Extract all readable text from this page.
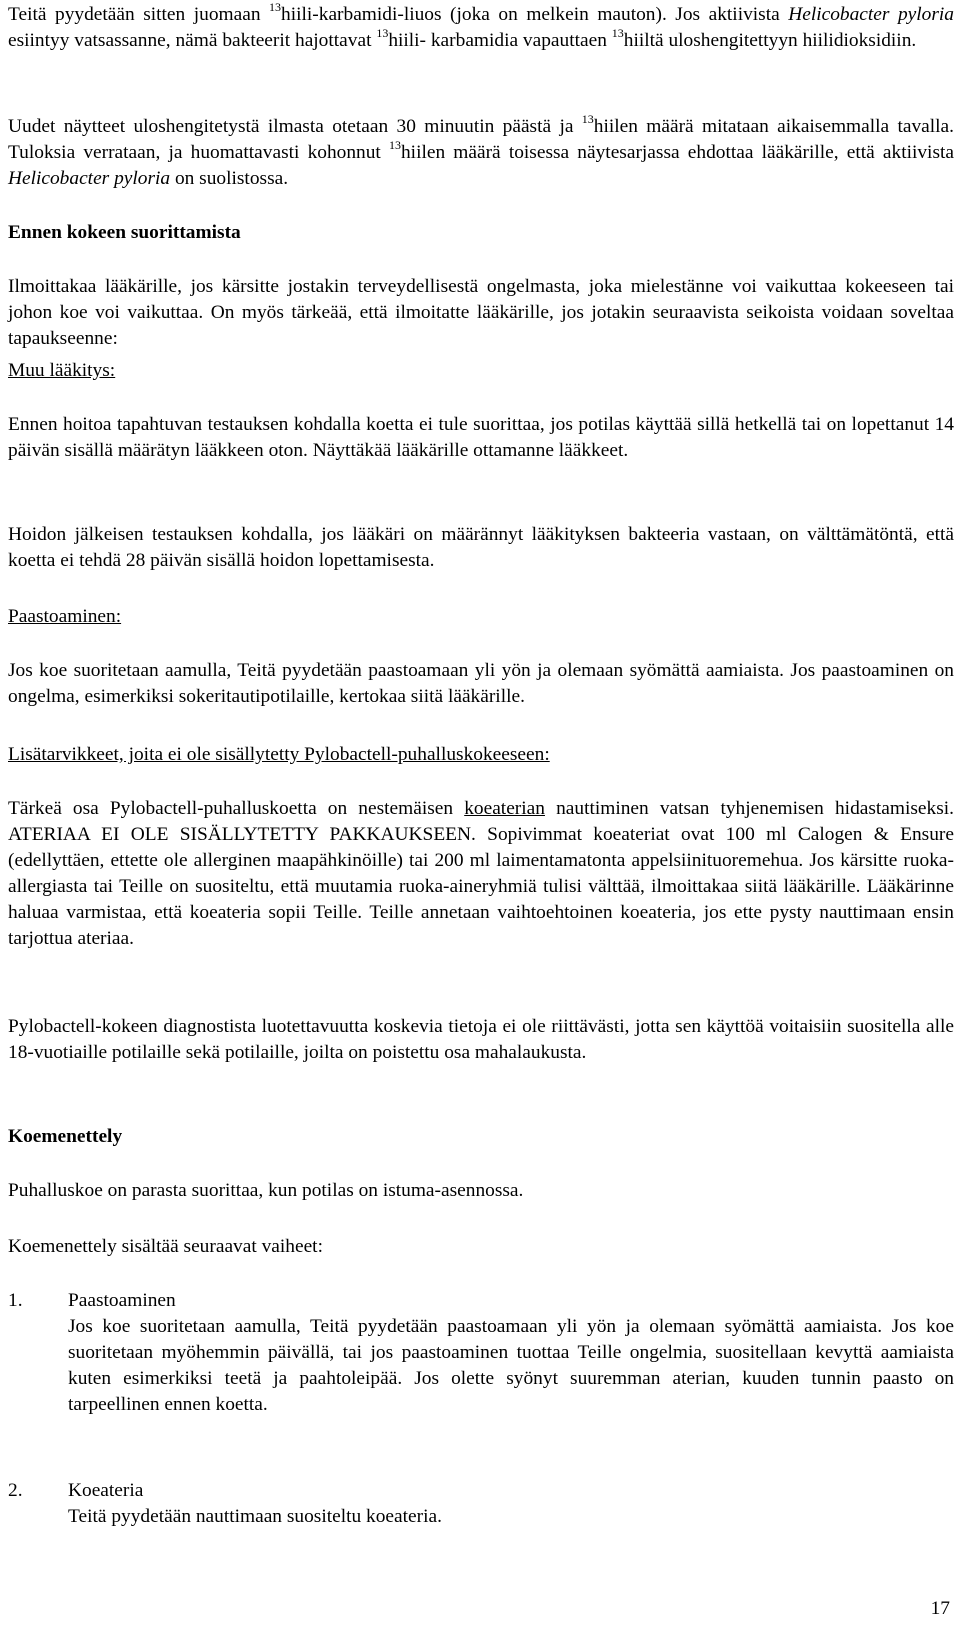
Teitä pyydetään sitten juomaan $^{13}$hiili-karbamidi-liuos (joka on melkein mauton). Jos aktiivista Helicobacter pyloria esiintyy vatsassanne, nämä bakteerit hajottavat $^{13}$hiili- karbamidia vapauttaen $^{13}$hiiltä uloshengitettyyn hiilidioksidiin.

Uudet näytteet uloshengitetystä ilmasta otetaan 30 minuutin päästä ja $^{13}$hiilen määrä mitataan aikaisemmalla tavalla. Tuloksia verrataan, ja huomattavasti kohonnut $^{13}$hiilen määrä toisessa näytesarjassa ehdottaa lääkärille, että aktiivista Helicobacter pyloria on suolistossa.

Ennen kokeen suorittamista

Ilmoittakaa lääkärille, jos kärsitte jostakin terveydellisestä ongelmasta, joka mielestänne voi vaikuttaa kokeeseen tai johon koe voi vaikuttaa. On myös tärkeää, että ilmoitatte lääkärille, jos jotakin seuraavista seikoista voidaan soveltaa tapaukseenne:

Muu lääkitys:

Ennen hoitoa tapahtuvan testauksen kohdalla koetta ei tule suorittaa, jos potilas käyttää sillä hetkellä tai on lopettanut 14 päivän sisällä määrätyn lääkkeen oton. Näyttäkää lääkärille ottamanne lääkkeet.

Hoidon jälkeisen testauksen kohdalla, jos lääkäri on määrännyt lääkityksen bakteeria vastaan, on välttämätöntä, että koetta ei tehdä 28 päivän sisällä hoidon lopettamisesta.

Paastoaminen:

Jos koe suoritetaan aamulla, Teitä pyydetään paastoamaan yli yön ja olemaan syömättä aamiaista. Jos paastoaminen on ongelma, esimerkiksi sokeritautipotilaille, kertokaa siitä lääkärille.

Lisätarvikkeet, joita ei ole sisällytetty Pylobactell-puhalluskokeeseen:

Tärkeä osa Pylobactell-puhalluskoetta on nestemäisen koeaterian nauttiminen vatsan tyhjenemisen hidastamiseksi. ATERIAA EI OLE SISÄLLYTETTY PAKKAUKSEEN. Sopivimmat koeateriat ovat 100 ml Calogen & Ensure (edellyttäen, ettette ole allerginen maapähkinöille) tai 200 ml laimentamatonta appelsiinituoremehua. Jos kärsitte ruoka-allergiasta tai Teille on suositeltu, että muutamia ruoka-aineryhmiä tulisi välttää, ilmoittakaa siitä lääkärille. Lääkärinne haluaa varmistaa, että koeateria sopii Teille. Teille annetaan vaihtoehtoinen koeateria, jos ette pysty nauttimaan ensin tarjottua ateriaa.

Pylobactell-kokeen diagnostista luotettavuutta koskevia tietoja ei ole riittävästi, jotta sen käyttöä voitaisiin suositella alle 18-vuotiaille potilaille sekä potilaille, joilta on poistettu osa mahalaukusta.

Koemenettely

Puhalluskoe on parasta suorittaa, kun potilas on istuma-asennossa.

Koemenettely sisältää seuraavat vaiheet:

1. Paastoaminen

Jos koe suoritetaan aamulla, Teitä pyydetään paastoamaan yli yön ja olemaan syömättä aamiaista. Jos koe suoritetaan myöhemmin päivällä, tai jos paastoaminen tuottaa Teille ongelmia, suositellaan kevyttä aamiaista kuten esimerkiksi teetä ja paahtoleipää. Jos olette syönyt suuremman aterian, kuuden tunnin paasto on tarpeellinen ennen koetta.

2. Koeateria

Teitä pyydetään nauttimaan suositeltu koeateria.

17
